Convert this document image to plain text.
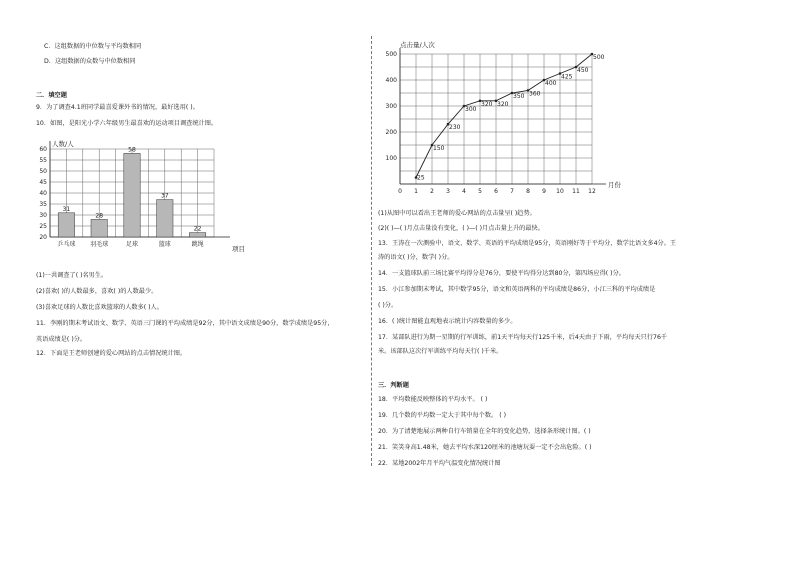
C．这组数据的中位数与平均数相同
D．这组数据的众数与中位数相同
二．填空题
9．为了调查4.1班同学最喜爱课外书的情况，最好选用( )。
10．如图，是阳光小学六年级男生最喜欢的运动项目调查统计图。
20
25
30
35
40
45
50
55
60
人数/人
项目
31
乒乓球
28
羽毛球
58
足球
37
篮球
22
跳绳
(1)一共调查了( )名男生。
(2)喜欢( )的人数最多，喜欢( )的人数最少。
(3)喜欢足球的人数比喜欢篮球的人数多( )人。
11．李刚的期末考试语文、数学、英语三门课的平均成绩是92分，其中语文成绩是90分，数学成绩是95分，
英语成绩是( )分。
12．下面是王老师创建的爱心网站的点击情况统计图。
点击量/人次
月份
100
200
300
400
500
0 1 2 3 4 5 6 7 8 9 10 11 12
25
150
230
300
320 320
350 360
400
425
450
500
(1)从图中可以看出王老师的爱心网站的点击量呈( )趋势。
(2)( )—( )月点击量没有变化，( )—( )月点击量上升的最快。
13．王涛在一次测验中，语文、数学、英语的平均成绩是95分，英语刚好等于平均分，数学比语文多4分。王
涛的语文( )分，数学( )分。
14．一支篮球队前三场比赛平均得分是76分，要使平均得分达到80分，第四场应得( )分。
15．小江参加期末考试，其中数学95分，语文和英语两科的平均成绩是86分，小江三科的平均成绩是
( )分。
16．( )统计图能直观地表示统计内容数量的多少。
17．某部队进行为期一星期的行军训练，前1天平均每天行125千米，后4天由于下雨，平均每天只行76千
米。该部队这次行军训练平均每天行( )千米。
三．判断题
18．平均数能反映整体的平均水平。 ( )
19．几个数的平均数一定大于其中每个数。 ( )
20．为了清楚地展示两种自行车销量在全年的变化趋势，选择条形统计图。( )
21．笑笑身高1.48米，她去平均水深120厘米的池塘玩耍一定不会出危险。( )
22．某地2002年月平均气温变化情况统计图
